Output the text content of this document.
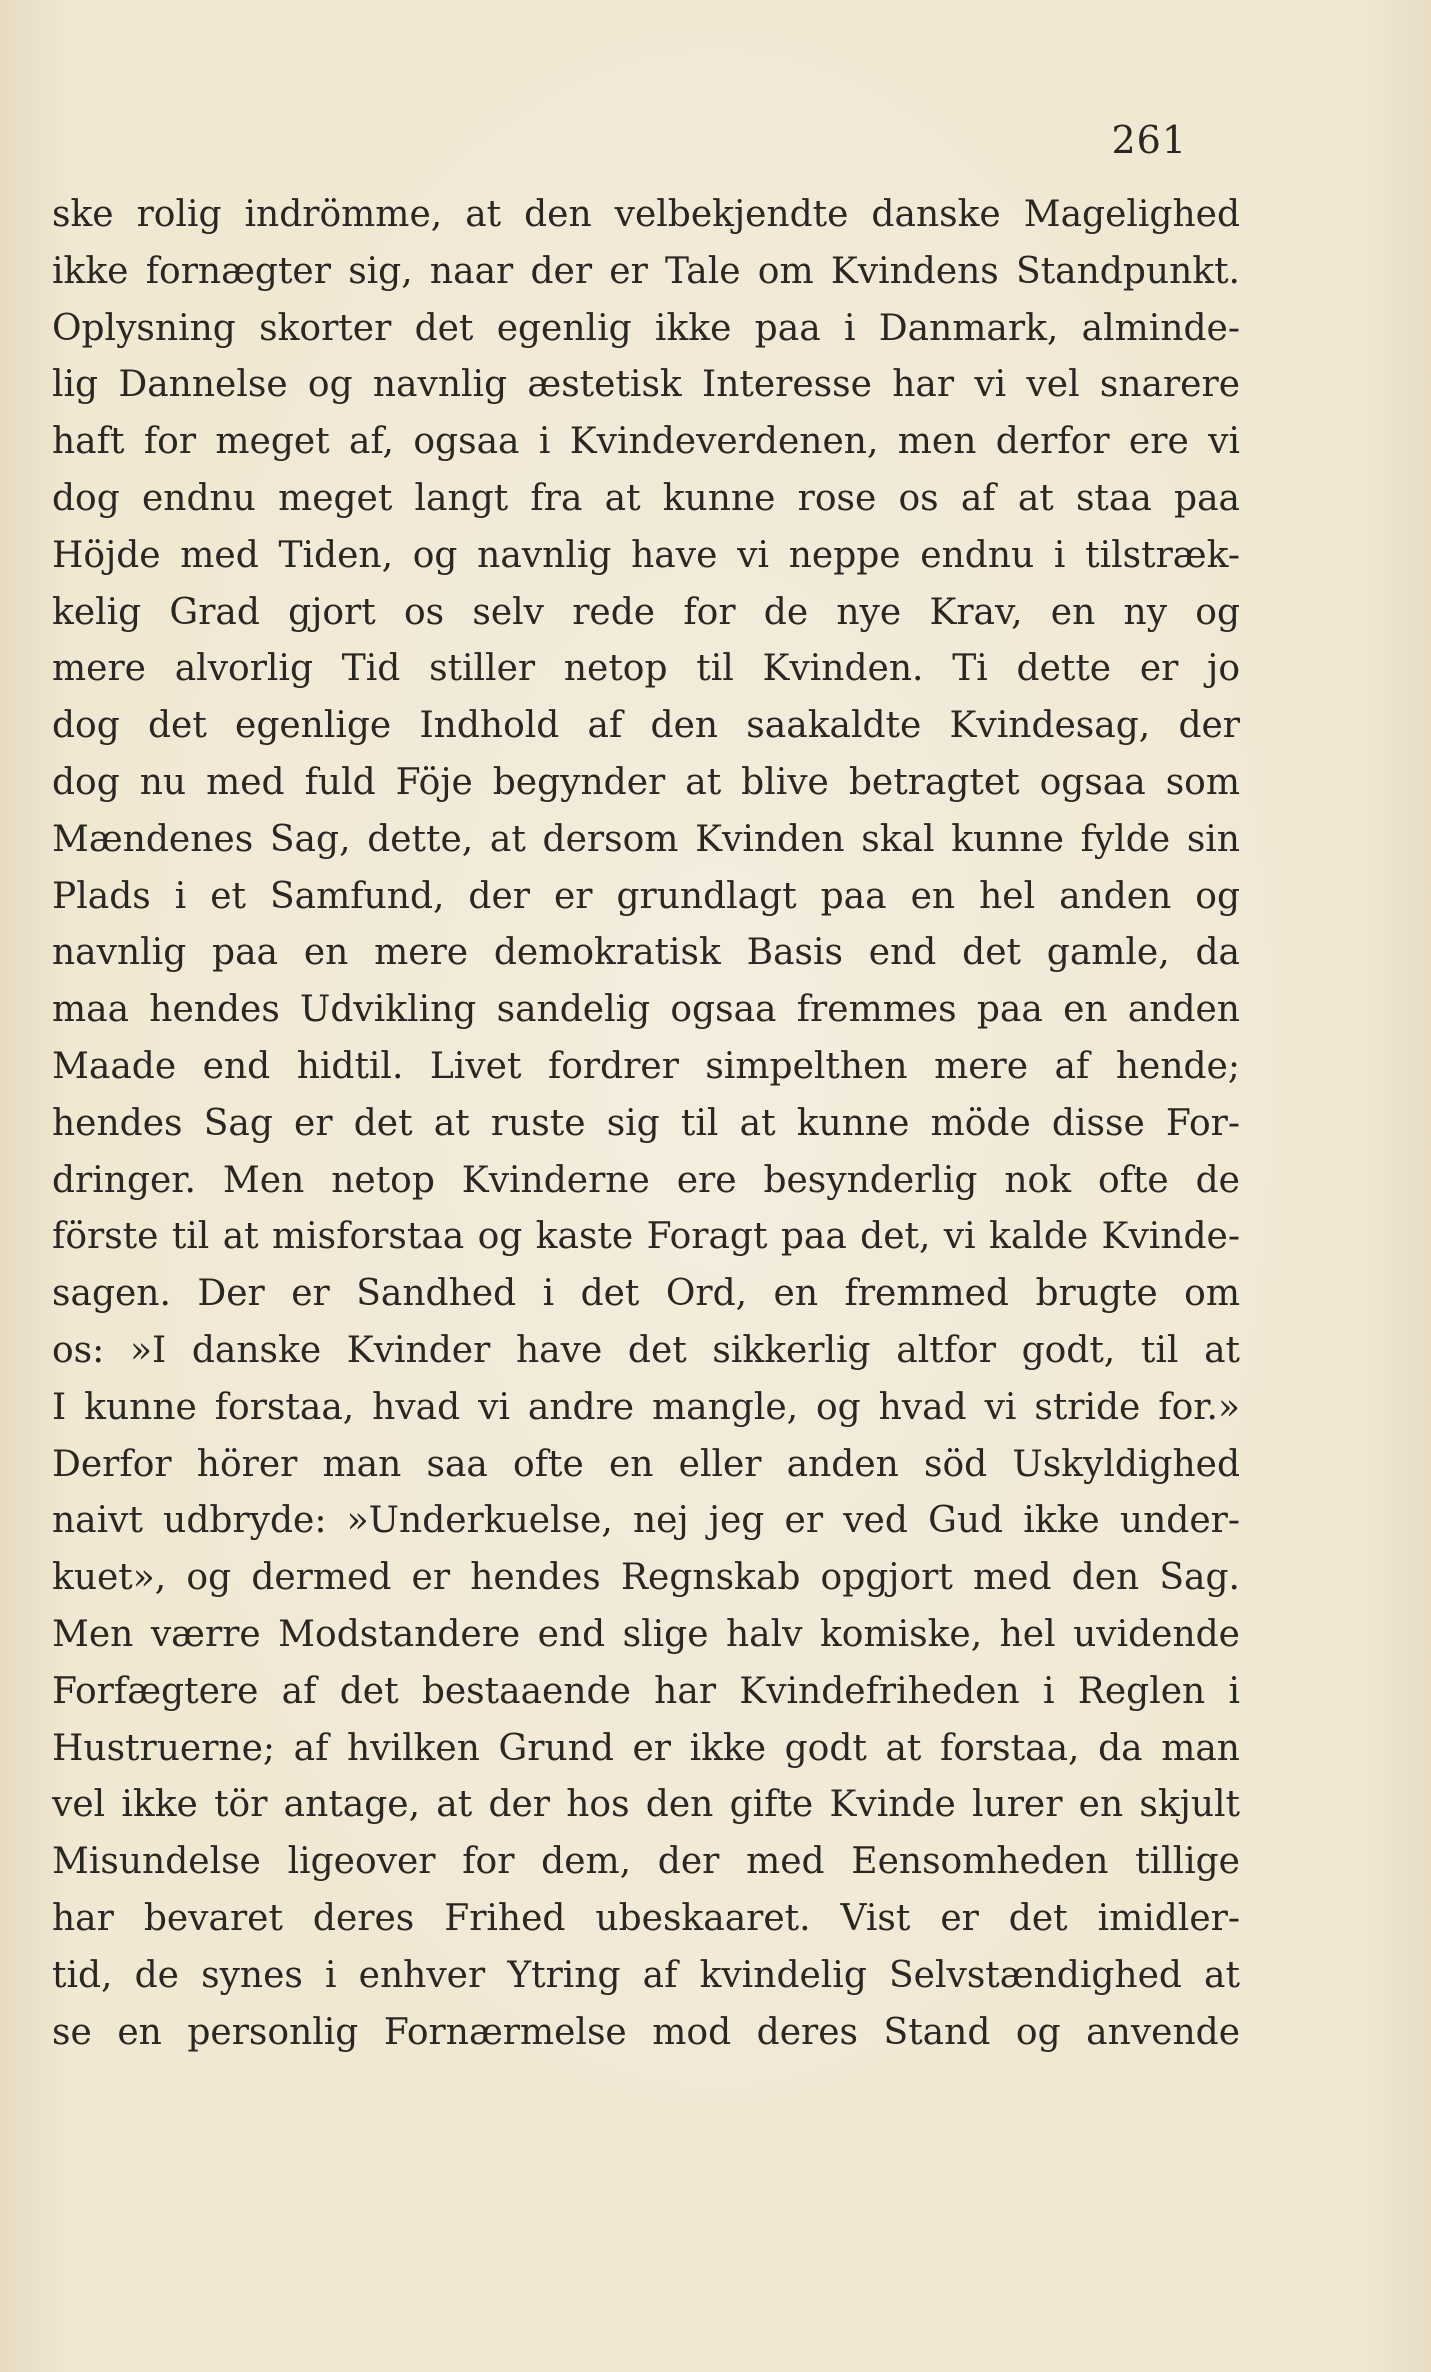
261

ske rolig indrömme, at den velbekjendte danske Magelighed
ikke fornægter sig, naar der er Tale om Kvindens Standpunkt.
Oplysning skorter det egenlig ikke paa i Danmark, alminde-
lig Dannelse og navnlig æstetisk Interesse har vi vel snarere
haft for meget af, ogsaa i Kvindeverdenen, men derfor ere vi
dog endnu meget langt fra at kunne rose os af at staa paa
Höjde med Tiden, og navnlig have vi neppe endnu i tilstræk-
kelig Grad gjort os selv rede for de nye Krav, en ny og
mere alvorlig Tid stiller netop til Kvinden. Ti dette er jo
dog det egenlige Indhold af den saakaldte Kvindesag, der
dog nu med fuld Föje begynder at blive betragtet ogsaa som
Mændenes Sag, dette, at dersom Kvinden skal kunne fylde sin
Plads i et Samfund, der er grundlagt paa en hel anden og
navnlig paa en mere demokratisk Basis end det gamle, da
maa hendes Udvikling sandelig ogsaa fremmes paa en anden
Maade end hidtil. Livet fordrer simpelthen mere af hende;
hendes Sag er det at ruste sig til at kunne möde disse For-
dringer. Men netop Kvinderne ere besynderlig nok ofte de
förste til at misforstaa og kaste Foragt paa det, vi kalde Kvinde-
sagen. Der er Sandhed i det Ord, en fremmed brugte om
os: »I danske Kvinder have det sikkerlig altfor godt, til at
I kunne forstaa, hvad vi andre mangle, og hvad vi stride for.»
Derfor hörer man saa ofte en eller anden söd Uskyldighed
naivt udbryde: »Underkuelse, nej jeg er ved Gud ikke under-
kuet», og dermed er hendes Regnskab opgjort med den Sag.
Men værre Modstandere end slige halv komiske, hel uvidende
Forfægtere af det bestaaende har Kvindefriheden i Reglen i
Hustruerne; af hvilken Grund er ikke godt at forstaa, da man
vel ikke tör antage, at der hos den gifte Kvinde lurer en skjult
Misundelse ligeover for dem, der med Eensomheden tillige
har bevaret deres Frihed ubeskaaret. Vist er det imidler-
tid, de synes i enhver Ytring af kvindelig Selvstændighed at
se en personlig Fornærmelse mod deres Stand og anvende
